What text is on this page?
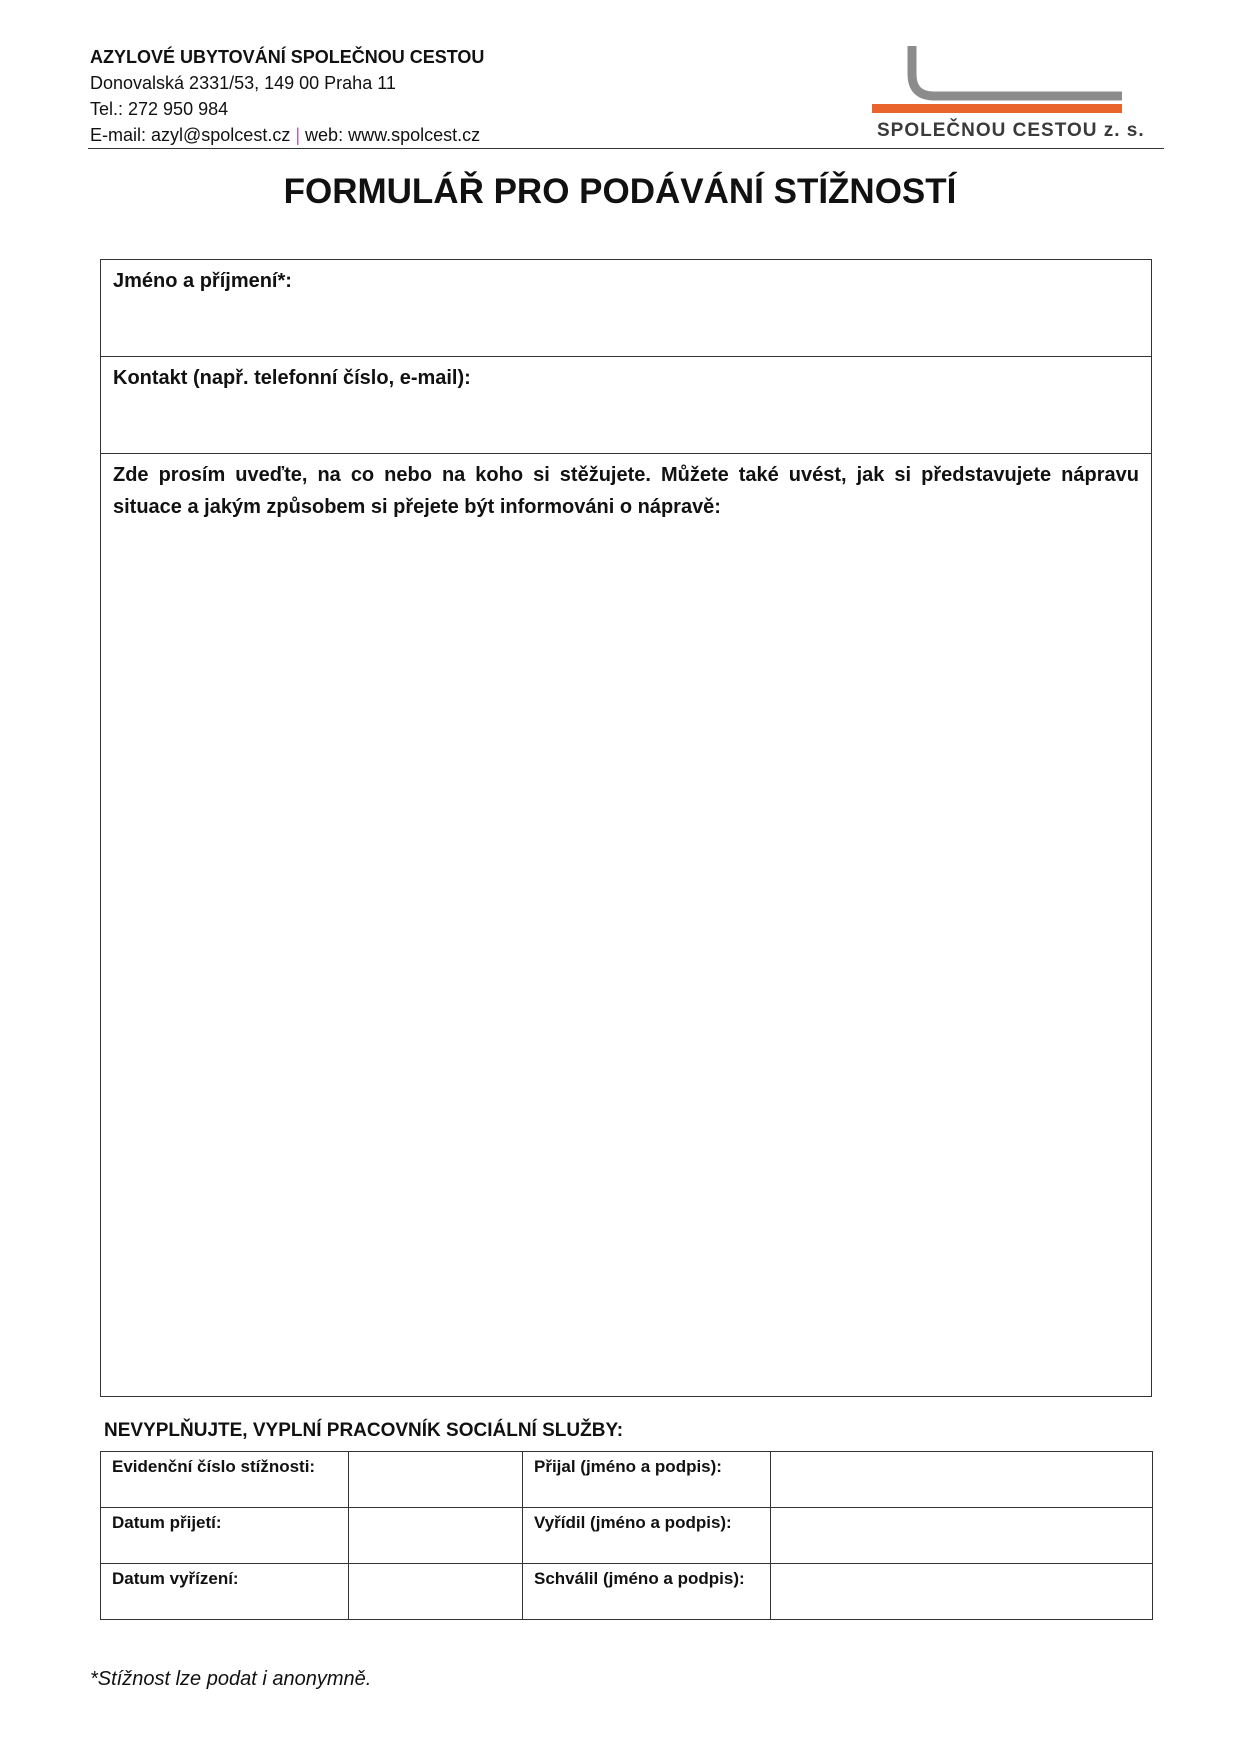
AZYLOVÉ UBYTOVÁNÍ SPOLEČNOU CESTOU
Donovalská 2331/53, 149 00 Praha 11
Tel.: 272 950 984
E-mail: azyl@spolcest.cz | web: www.spolcest.cz	SPOLEČNOU CESTOU z. s.
FORMULÁŘ PRO PODÁVÁNÍ STÍŽNOSTÍ
Jméno a příjmení*:
Kontakt (např. telefonní číslo, e-mail):
Zde prosím uveďte, na co nebo na koho si stěžujete. Můžete také uvést, jak si představujete nápravu situace a jakým způsobem si přejete být informováni o nápravě:
NEVYPLŇUJTE, VYPLNÍ PRACOVNÍK SOCIÁLNÍ SLUŽBY:
Evidenční číslo stížnosti:		Přijal (jméno a podpis):	
Datum přijetí:		Vyřídil (jméno a podpis):	
Datum vyřízení:		Schválil (jméno a podpis):	
*Stížnost lze podat i anonymně.
